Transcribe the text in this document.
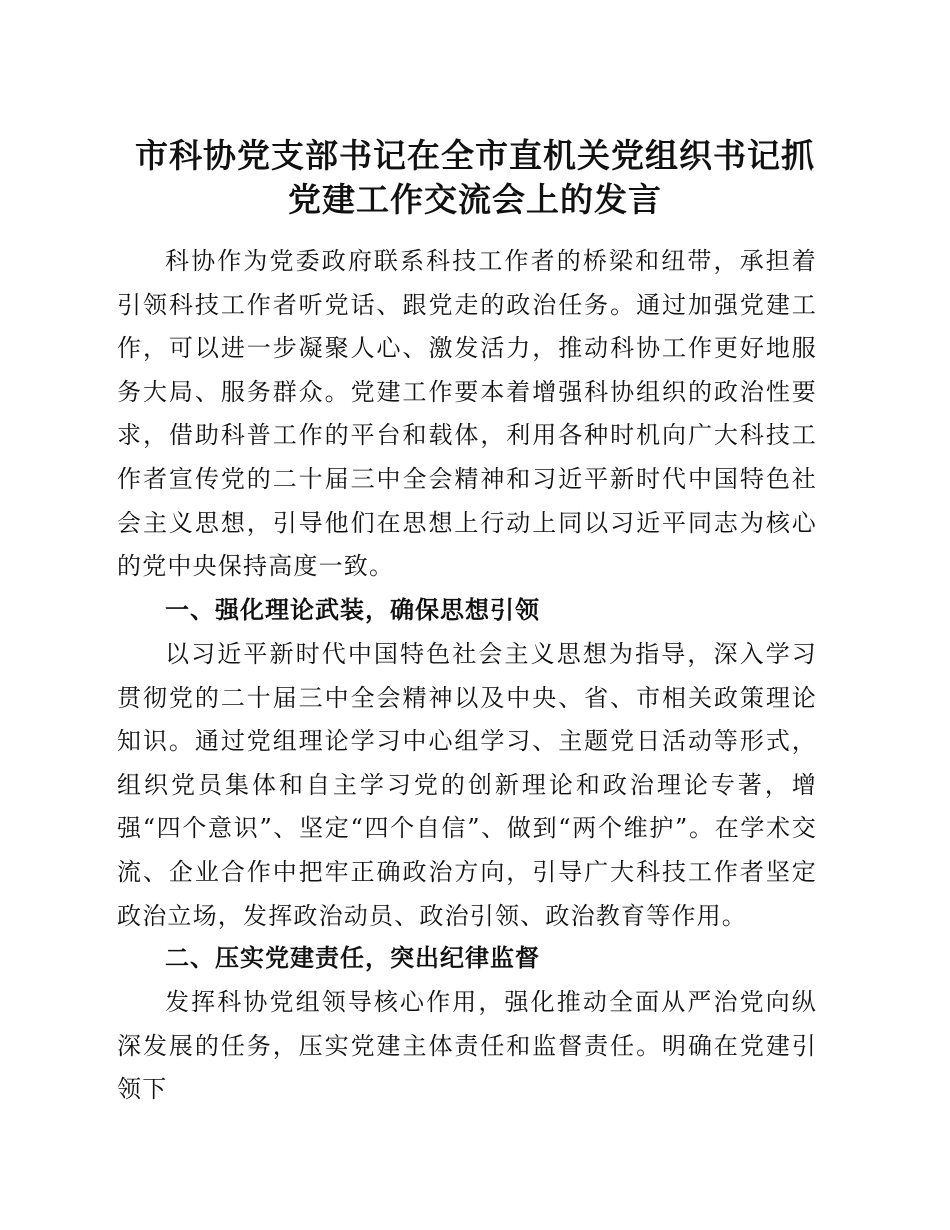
市科协党支部书记在全市直机关党组织书记抓
党建工作交流会上的发言

科协作为党委政府联系科技工作者的桥梁和纽带，承担着引领科技工作者听党话、跟党走的政治任务。通过加强党建工作，可以进一步凝聚人心、激发活力，推动科协工作更好地服务大局、服务群众。党建工作要本着增强科协组织的政治性要求，借助科普工作的平台和载体，利用各种时机向广大科技工作者宣传党的二十届三中全会精神和习近平新时代中国特色社会主义思想，引导他们在思想上行动上同以习近平同志为核心的党中央保持高度一致。

一、强化理论武装，确保思想引领

以习近平新时代中国特色社会主义思想为指导，深入学习贯彻党的二十届三中全会精神以及中央、省、市相关政策理论知识。通过党组理论学习中心组学习、主题党日活动等形式，组织党员集体和自主学习党的创新理论和政治理论专著，增强“四个意识”、坚定“四个自信”、做到“两个维护”。在学术交流、企业合作中把牢正确政治方向，引导广大科技工作者坚定政治立场，发挥政治动员、政治引领、政治教育等作用。

二、压实党建责任，突出纪律监督

发挥科协党组领导核心作用，强化推动全面从严治党向纵深发展的任务，压实党建主体责任和监督责任。明确在党建引领下
